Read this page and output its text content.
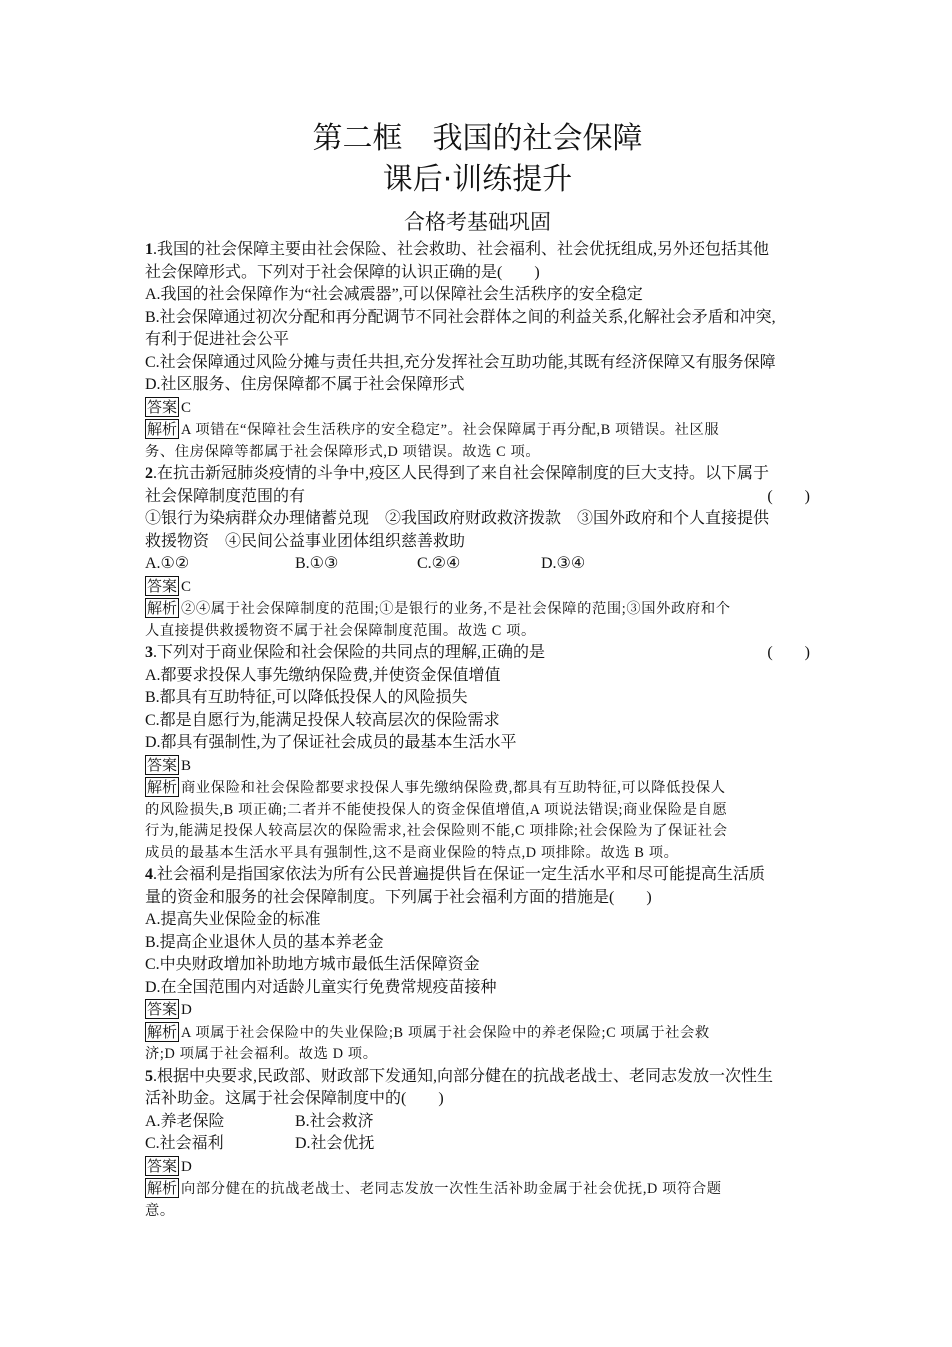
第二框　我国的社会保障
课后·训练提升
合格考基础巩固
1.我国的社会保障主要由社会保险、社会救助、社会福利、社会优抚组成,另外还包括其他
社会保障形式。下列对于社会保障的认识正确的是(　　)
A.我国的社会保障作为“社会减震器”,可以保障社会生活秩序的安全稳定
B.社会保障通过初次分配和再分配调节不同社会群体之间的利益关系,化解社会矛盾和冲突,
有利于促进社会公平
C.社会保障通过风险分摊与责任共担,充分发挥社会互助功能,其既有经济保障又有服务保障
D.社区服务、住房保障都不属于社会保障形式
答案 C
解析 A 项错在“保障社会生活秩序的安全稳定”。社会保障属于再分配,B 项错误。社区服
务、住房保障等都属于社会保障形式,D 项错误。故选 C 项。
2.在抗击新冠肺炎疫情的斗争中,疫区人民得到了来自社会保障制度的巨大支持。以下属于
社会保障制度范围的有	(　　)
①银行为染病群众办理储蓄兑现　②我国政府财政救济拨款　③国外政府和个人直接提供
救援物资　④民间公益事业团体组织慈善救助
A.①②	B.①③	C.②④	D.③④
答案 C
解析 ②④属于社会保障制度的范围;①是银行的业务,不是社会保障的范围;③国外政府和个
人直接提供救援物资不属于社会保障制度范围。故选 C 项。
3.下列对于商业保险和社会保险的共同点的理解,正确的是	(　　)
A.都要求投保人事先缴纳保险费,并使资金保值增值
B.都具有互助特征,可以降低投保人的风险损失
C.都是自愿行为,能满足投保人较高层次的保险需求
D.都具有强制性,为了保证社会成员的最基本生活水平
答案 B
解析 商业保险和社会保险都要求投保人事先缴纳保险费,都具有互助特征,可以降低投保人
的风险损失,B 项正确;二者并不能使投保人的资金保值增值,A 项说法错误;商业保险是自愿
行为,能满足投保人较高层次的保险需求,社会保险则不能,C 项排除;社会保险为了保证社会
成员的最基本生活水平具有强制性,这不是商业保险的特点,D 项排除。故选 B 项。
4.社会福利是指国家依法为所有公民普遍提供旨在保证一定生活水平和尽可能提高生活质
量的资金和服务的社会保障制度。下列属于社会福利方面的措施是(　　)
A.提高失业保险金的标准
B.提高企业退休人员的基本养老金
C.中央财政增加补助地方城市最低生活保障资金
D.在全国范围内对适龄儿童实行免费常规疫苗接种
答案 D
解析 A 项属于社会保险中的失业保险;B 项属于社会保险中的养老保险;C 项属于社会救
济;D 项属于社会福利。故选 D 项。
5.根据中央要求,民政部、财政部下发通知,向部分健在的抗战老战士、老同志发放一次性生
活补助金。这属于社会保障制度中的(　　)
A.养老保险	B.社会救济
C.社会福利	D.社会优抚
答案 D
解析 向部分健在的抗战老战士、老同志发放一次性生活补助金属于社会优抚,D 项符合题
意。
